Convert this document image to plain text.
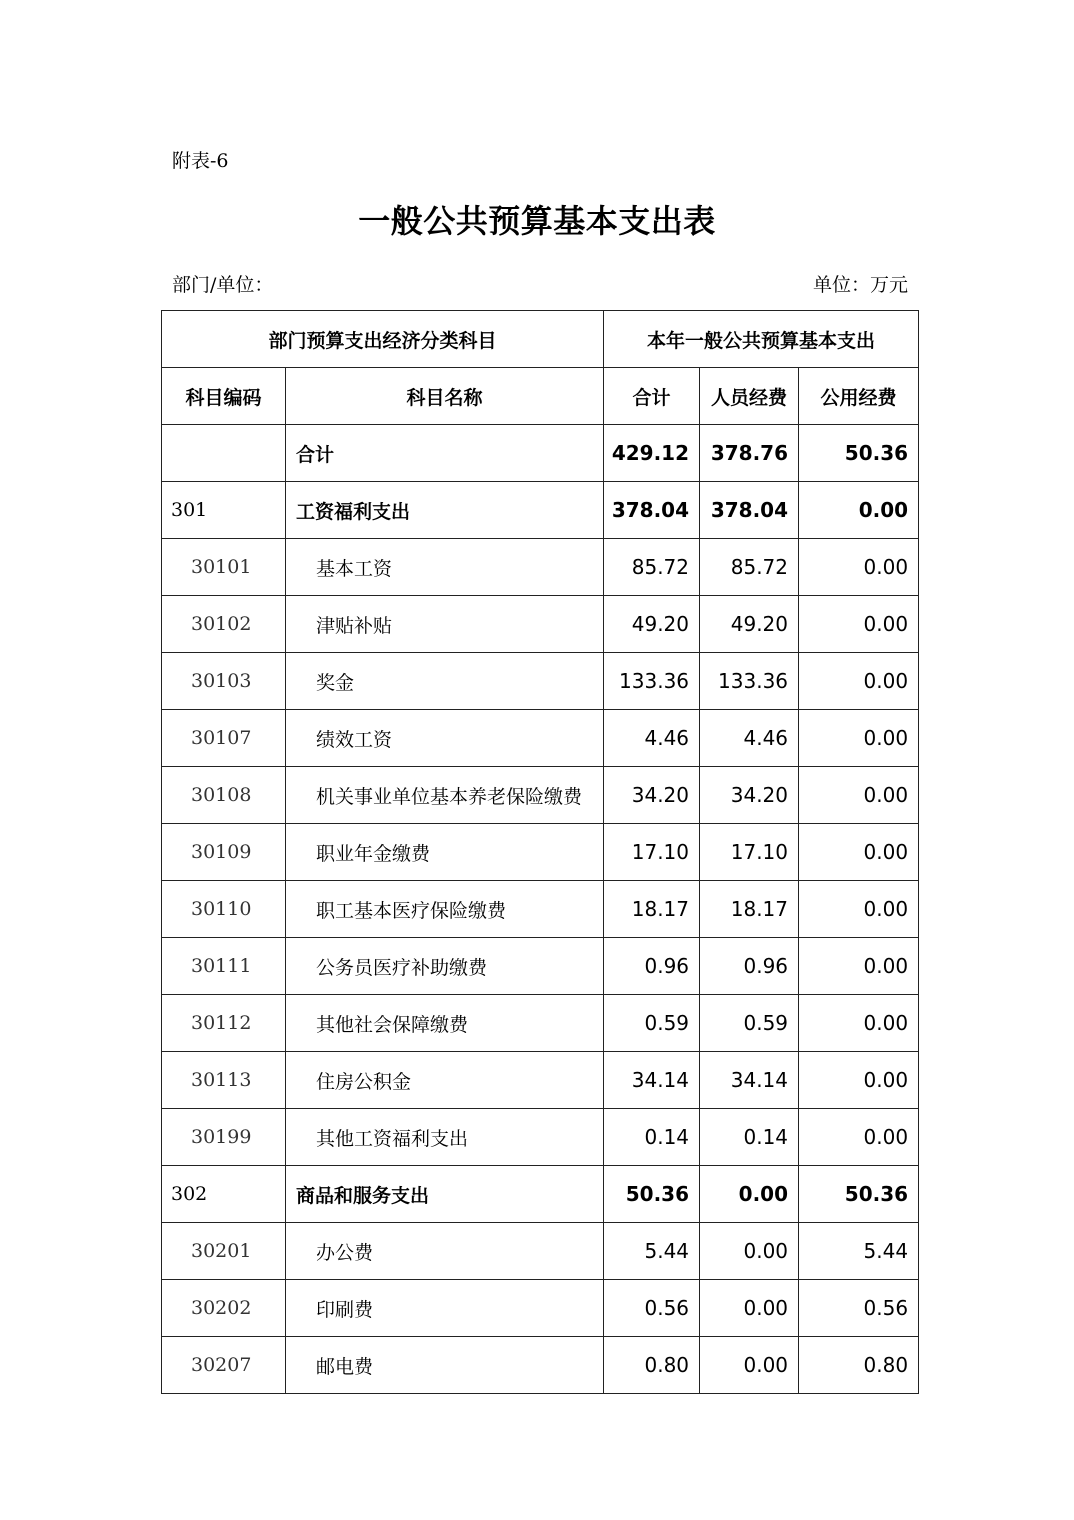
附表-6
一般公共预算基本支出表
部门/单位：	单位：万元
部门预算支出经济分类科目		本年一般公共预算基本支出		
科目编码	科目名称	合计	人员经费	公用经费
	合计	429.12	378.76	50.36
301	工资福利支出	378.04	378.04	0.00
30101	基本工资	85.72	85.72	0.00
30102	津贴补贴	49.20	49.20	0.00
30103	奖金	133.36	133.36	0.00
30107	绩效工资	4.46	4.46	0.00
30108	机关事业单位基本养老保险缴费	34.20	34.20	0.00
30109	职业年金缴费	17.10	17.10	0.00
30110	职工基本医疗保险缴费	18.17	18.17	0.00
30111	公务员医疗补助缴费	0.96	0.96	0.00
30112	其他社会保障缴费	0.59	0.59	0.00
30113	住房公积金	34.14	34.14	0.00
30199	其他工资福利支出	0.14	0.14	0.00
302	商品和服务支出	50.36	0.00	50.36
30201	办公费	5.44	0.00	5.44
30202	印刷费	0.56	0.00	0.56
30207	邮电费	0.80	0.00	0.80
